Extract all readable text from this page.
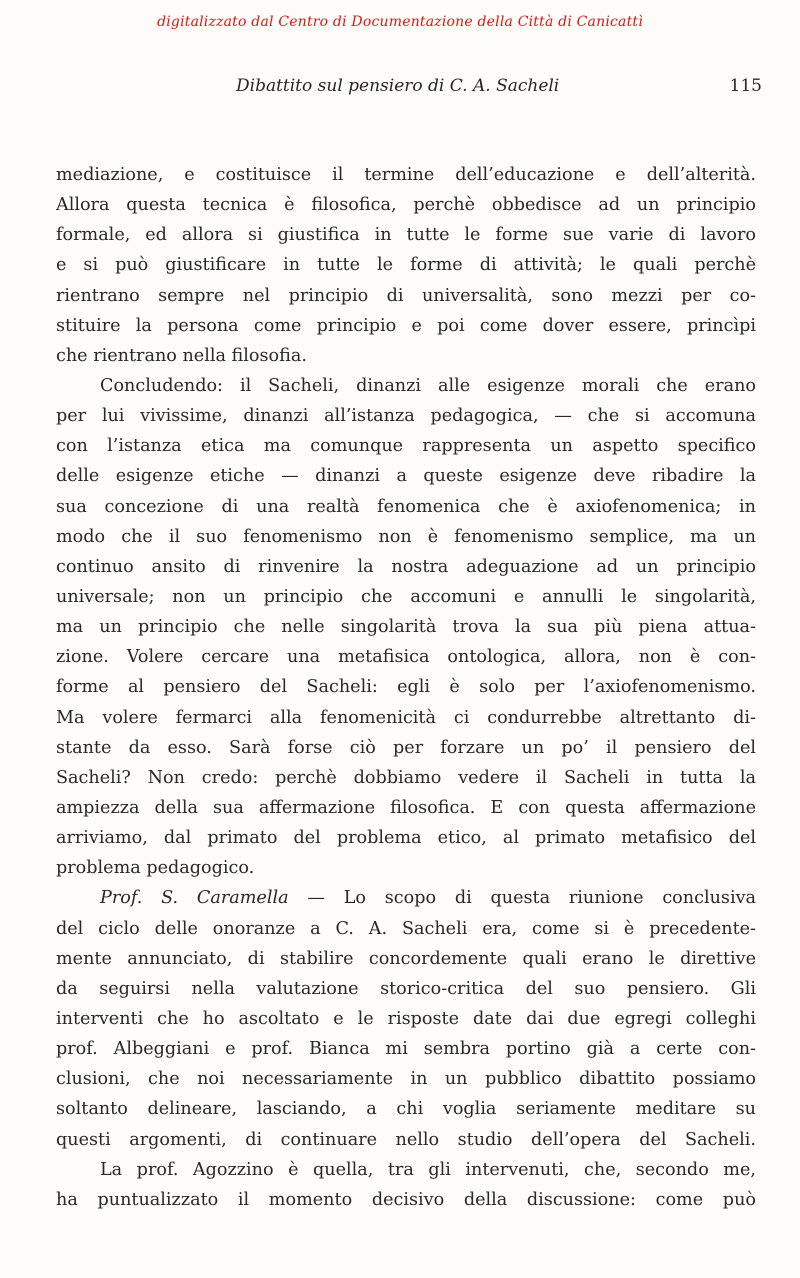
digitalizzato dal Centro di Documentazione della Città di Canicattì
Dibattito sul pensiero di C. A. Sacheli	115
mediazione, e costituisce il termine dell’educazione e dell’alterità.
Allora questa tecnica è filosofica, perchè obbedisce ad un principio
formale, ed allora si giustifica in tutte le forme sue varie di lavoro
e si può giustificare in tutte le forme di attività; le quali perchè
rientrano sempre nel principio di universalità, sono mezzi per co-
stituire la persona come principio e poi come dover essere, princìpi
che rientrano nella filosofia.
Concludendo: il Sacheli, dinanzi alle esigenze morali che erano
per lui vivissime, dinanzi all’istanza pedagogica, — che si accomuna
con l’istanza etica ma comunque rappresenta un aspetto specifico
delle esigenze etiche — dinanzi a queste esigenze deve ribadire la
sua concezione di una realtà fenomenica che è axiofenomenica; in
modo che il suo fenomenismo non è fenomenismo semplice, ma un
continuo ansito di rinvenire la nostra adeguazione ad un principio
universale; non un principio che accomuni e annulli le singolarità,
ma un principio che nelle singolarità trova la sua più piena attua-
zione. Volere cercare una metafisica ontologica, allora, non è con-
forme al pensiero del Sacheli: egli è solo per l’axiofenomenismo.
Ma volere fermarci alla fenomenicità ci condurrebbe altrettanto di-
stante da esso. Sarà forse ciò per forzare un po’ il pensiero del
Sacheli? Non credo: perchè dobbiamo vedere il Sacheli in tutta la
ampiezza della sua affermazione filosofica. E con questa affermazione
arriviamo, dal primato del problema etico, al primato metafisico del
problema pedagogico.
Prof. S. Caramella — Lo scopo di questa riunione conclusiva
del ciclo delle onoranze a C. A. Sacheli era, come si è precedente-
mente annunciato, di stabilire concordemente quali erano le direttive
da seguirsi nella valutazione storico-critica del suo pensiero. Gli
interventi che ho ascoltato e le risposte date dai due egregi colleghi
prof. Albeggiani e prof. Bianca mi sembra portino già a certe con-
clusioni, che noi necessariamente in un pubblico dibattito possiamo
soltanto delineare, lasciando, a chi voglia seriamente meditare su
questi argomenti, di continuare nello studio dell’opera del Sacheli.
La prof. Agozzino è quella, tra gli intervenuti, che, secondo me,
ha puntualizzato il momento decisivo della discussione: come può
